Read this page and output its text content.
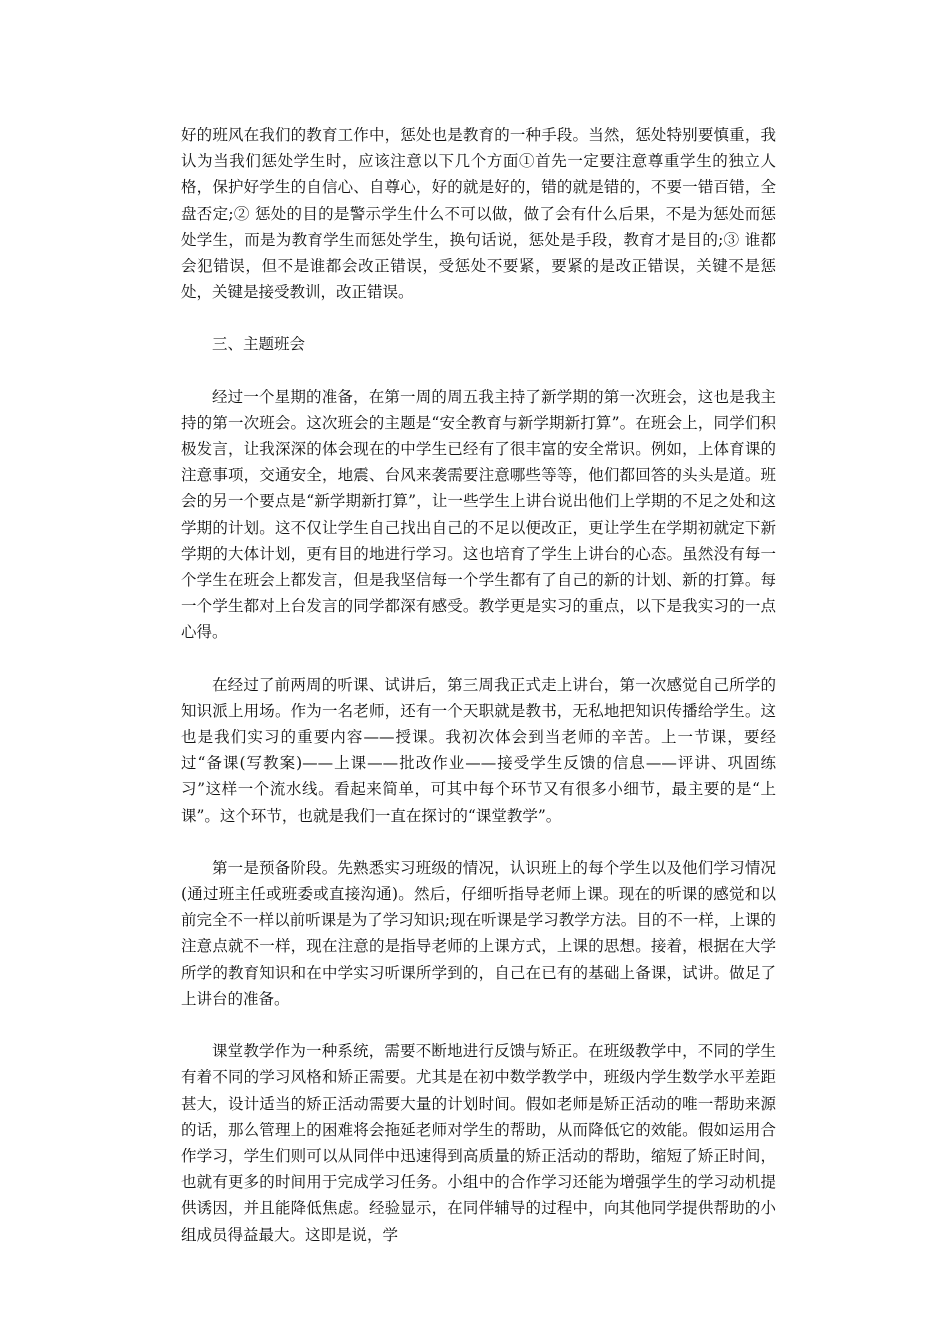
好的班风在我们的教育工作中，惩处也是教育的一种手段。当然，惩处特别要慎重，我认为当我们惩处学生时，应该注意以下几个方面①首先一定要注意尊重学生的独立人格，保护好学生的自信心、自尊心，好的就是好的，错的就是错的，不要一错百错，全盘否定;② 惩处的目的是警示学生什么不可以做，做了会有什么后果，不是为惩处而惩处学生，而是为教育学生而惩处学生，换句话说，惩处是手段，教育才是目的;③ 谁都会犯错误，但不是谁都会改正错误，受惩处不要紧，要紧的是改正错误，关键不是惩处，关键是接受教训，改正错误。

三、主题班会

经过一个星期的准备，在第一周的周五我主持了新学期的第一次班会，这也是我主持的第一次班会。这次班会的主题是“安全教育与新学期新打算”。在班会上，同学们积极发言，让我深深的体会现在的中学生已经有了很丰富的安全常识。例如，上体育课的注意事项，交通安全，地震、台风来袭需要注意哪些等等，他们都回答的头头是道。班会的另一个要点是“新学期新打算”，让一些学生上讲台说出他们上学期的不足之处和这学期的计划。这不仅让学生自己找出自己的不足以便改正，更让学生在学期初就定下新学期的大体计划，更有目的地进行学习。这也培育了学生上讲台的心态。虽然没有每一个学生在班会上都发言，但是我坚信每一个学生都有了自己的新的计划、新的打算。每一个学生都对上台发言的同学都深有感受。教学更是实习的重点，以下是我实习的一点心得。

在经过了前两周的听课、试讲后，第三周我正式走上讲台，第一次感觉自己所学的知识派上用场。作为一名老师，还有一个天职就是教书，无私地把知识传播给学生。这也是我们实习的重要内容——授课。我初次体会到当老师的辛苦。上一节课，要经过“备课(写教案)——上课——批改作业——接受学生反馈的信息——评讲、巩固练习”这样一个流水线。看起来简单，可其中每个环节又有很多小细节，最主要的是“上课”。这个环节，也就是我们一直在探讨的“课堂教学”。

第一是预备阶段。先熟悉实习班级的情况，认识班上的每个学生以及他们学习情况(通过班主任或班委或直接沟通)。然后，仔细听指导老师上课。现在的听课的感觉和以前完全不一样以前听课是为了学习知识;现在听课是学习教学方法。目的不一样，上课的注意点就不一样，现在注意的是指导老师的上课方式，上课的思想。接着，根据在大学所学的教育知识和在中学实习听课所学到的，自己在已有的基础上备课，试讲。做足了上讲台的准备。

课堂教学作为一种系统，需要不断地进行反馈与矫正。在班级教学中，不同的学生有着不同的学习风格和矫正需要。尤其是在初中数学教学中，班级内学生数学水平差距甚大，设计适当的矫正活动需要大量的计划时间。假如老师是矫正活动的唯一帮助来源的话，那么管理上的困难将会拖延老师对学生的帮助，从而降低它的效能。假如运用合作学习，学生们则可以从同伴中迅速得到高质量的矫正活动的帮助，缩短了矫正时间，也就有更多的时间用于完成学习任务。小组中的合作学习还能为增强学生的学习动机提供诱因，并且能降低焦虑。经验显示，在同伴辅导的过程中，向其他同学提供帮助的小组成员得益最大。这即是说，学
